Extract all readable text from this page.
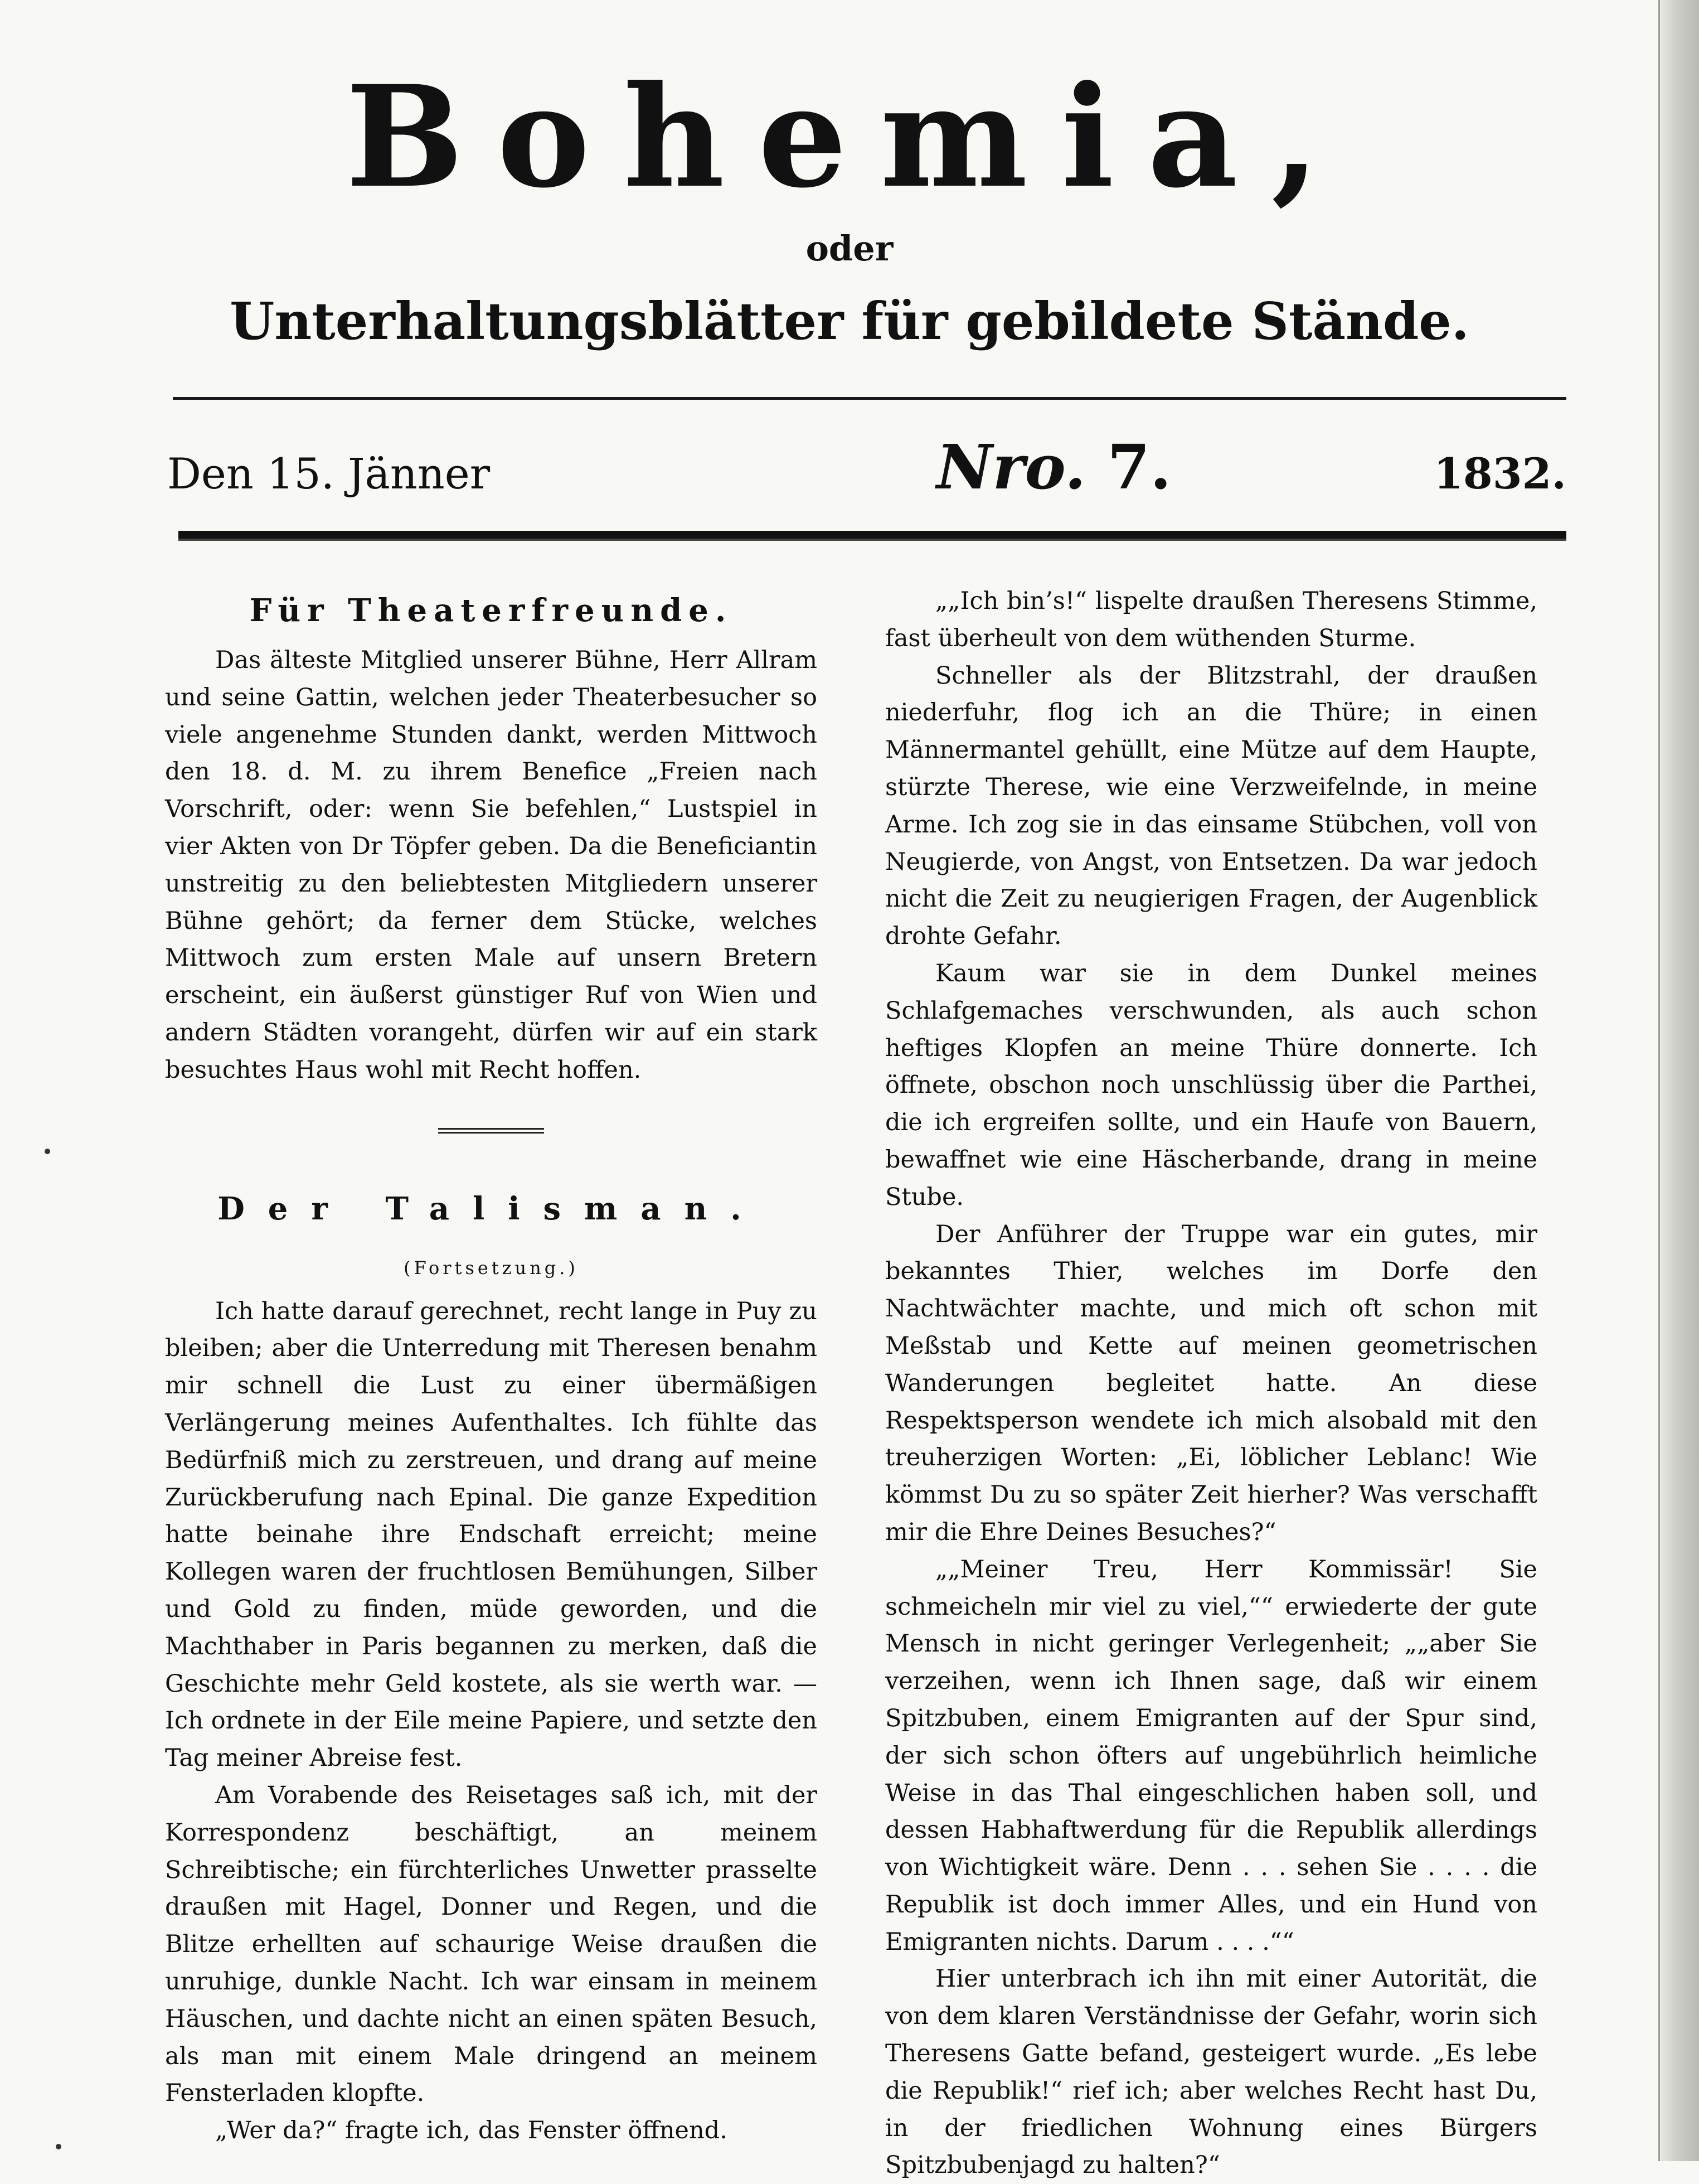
Bohemia,
oder
Unterhaltungsblätter für gebildete Stände.
Den 15. Jänner	Nro. 7.	1832.
Für Theaterfreunde.

Das älteste Mitglied unserer Bühne, Herr Allram und seine Gattin, welchen jeder Theaterbesucher so viele angenehme Stunden dankt, werden Mittwoch den 18. d. M. zu ihrem Benefice „Freien nach Vorschrift, oder: wenn Sie befehlen,“ Lustspiel in vier Akten von Dr Töpfer geben. Da die Beneficiantin unstreitig zu den beliebtesten Mitgliedern unserer Bühne gehört; da ferner dem Stücke, welches Mittwoch zum ersten Male auf unsern Bretern erscheint, ein äußerst günstiger Ruf von Wien und andern Städten vorangeht, dürfen wir auf ein stark besuchtes Haus wohl mit Recht hoffen.

Der Talisman.
(Fortsetzung.)

Ich hatte darauf gerechnet, recht lange in Puy zu bleiben; aber die Unterredung mit Theresen benahm mir schnell die Lust zu einer übermäßigen Verlängerung meines Aufenthaltes. Ich fühlte das Bedürfniß mich zu zerstreuen, und drang auf meine Zurückberufung nach Epinal. Die ganze Expedition hatte beinahe ihre Endschaft erreicht; meine Kollegen waren der fruchtlosen Bemühungen, Silber und Gold zu finden, müde geworden, und die Machthaber in Paris begannen zu merken, daß die Geschichte mehr Geld kostete, als sie werth war. — Ich ordnete in der Eile meine Papiere, und setzte den Tag meiner Abreise fest.

Am Vorabende des Reisetages saß ich, mit der Korrespondenz beschäftigt, an meinem Schreibtische; ein fürchterliches Unwetter prasselte draußen mit Hagel, Donner und Regen, und die Blitze erhellten auf schaurige Weise draußen die unruhige, dunkle Nacht. Ich war einsam in meinem Häuschen, und dachte nicht an einen späten Besuch, als man mit einem Male dringend an meinem Fensterladen klopfte.

„Wer da?“ fragte ich, das Fenster öffnend.

„„Ich bin’s!“ lispelte draußen Theresens Stimme, fast überheult von dem wüthenden Sturme.

Schneller als der Blitzstrahl, der draußen niederfuhr, flog ich an die Thüre; in einen Männermantel gehüllt, eine Mütze auf dem Haupte, stürzte Therese, wie eine Verzweifelnde, in meine Arme. Ich zog sie in das einsame Stübchen, voll von Neugierde, von Angst, von Entsetzen. Da war jedoch nicht die Zeit zu neugierigen Fragen, der Augenblick drohte Gefahr.

Kaum war sie in dem Dunkel meines Schlafgemaches verschwunden, als auch schon heftiges Klopfen an meine Thüre donnerte. Ich öffnete, obschon noch unschlüssig über die Parthei, die ich ergreifen sollte, und ein Haufe von Bauern, bewaffnet wie eine Häscherbande, drang in meine Stube.

Der Anführer der Truppe war ein gutes, mir bekanntes Thier, welches im Dorfe den Nachtwächter machte, und mich oft schon mit Meßstab und Kette auf meinen geometrischen Wanderungen begleitet hatte. An diese Respektsperson wendete ich mich alsobald mit den treuherzigen Worten: „Ei, löblicher Leblanc! Wie kömmst Du zu so später Zeit hierher? Was verschafft mir die Ehre Deines Besuches?“

„„Meiner Treu, Herr Kommissär! Sie schmeicheln mir viel zu viel,““ erwiederte der gute Mensch in nicht geringer Verlegenheit; „„aber Sie verzeihen, wenn ich Ihnen sage, daß wir einem Spitzbuben, einem Emigranten auf der Spur sind, der sich schon öfters auf ungebührlich heimliche Weise in das Thal eingeschlichen haben soll, und dessen Habhaftwerdung für die Republik allerdings von Wichtigkeit wäre. Denn . . . sehen Sie . . . . die Republik ist doch immer Alles, und ein Hund von Emigranten nichts. Darum . . . .““

Hier unterbrach ich ihn mit einer Autorität, die von dem klaren Verständnisse der Gefahr, worin sich Theresens Gatte befand, gesteigert wurde. „Es lebe die Republik!“ rief ich; aber welches Recht hast Du, in der friedlichen Wohnung eines Bürgers Spitzbubenjagd zu halten?“
